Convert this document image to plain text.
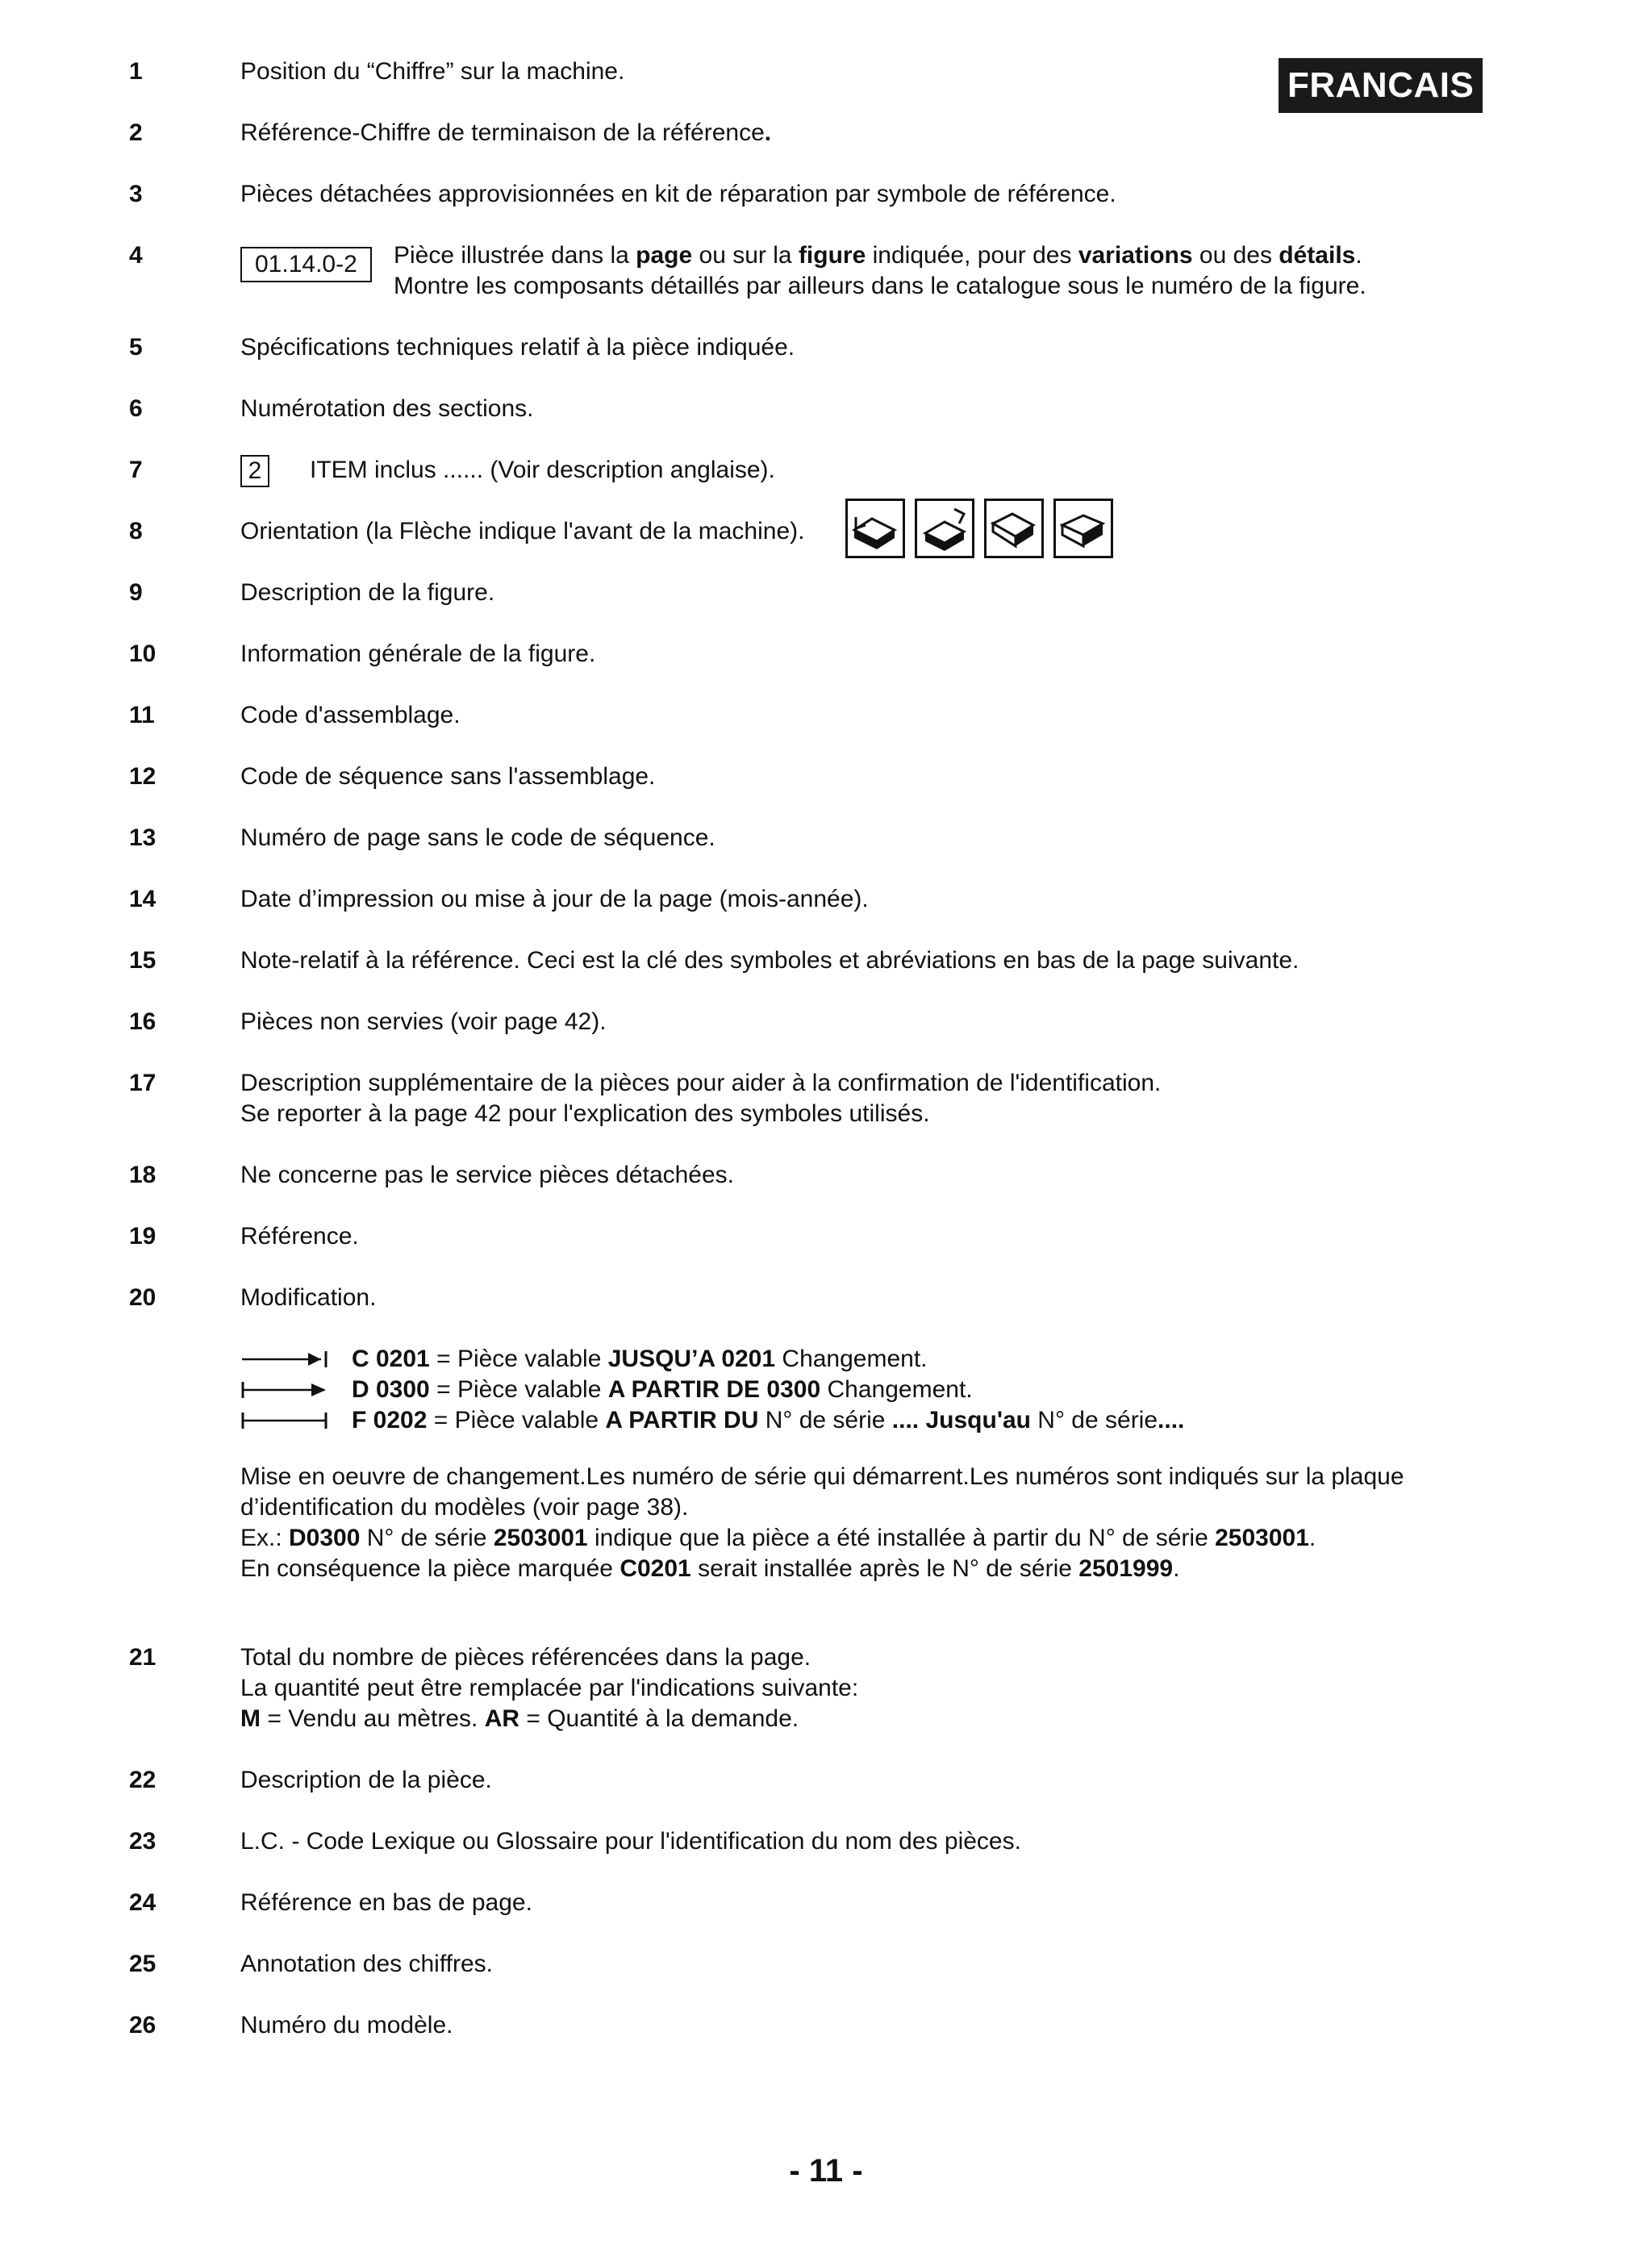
FRANCAIS
1	Position du “Chiffre” sur la machine.
2	Référence-Chiffre de terminaison de la référence.
3	Pièces détachées approvisionnées en kit de réparation par symbole de référence.
4	01.14.0-2	Pièce illustrée dans la page ou sur la figure indiquée, pour des variations ou des détails.
Montre les composants détaillés par ailleurs dans le catalogue sous le numéro de la figure.
5	Spécifications techniques relatif à la pièce indiquée.
6	Numérotation des sections.
7	2	ITEM inclus ...... (Voir description anglaise).
8	Orientation (la Flèche indique l'avant de la machine).
9	Description de la figure.
10	Information générale de la figure.
11	Code d'assemblage.
12	Code de séquence sans l'assemblage.
13	Numéro de page sans le code de séquence.
14	Date d’impression ou mise à jour de la page (mois-année).
15	Note-relatif à la référence. Ceci est la clé des symboles et abréviations en bas de la page suivante.
16	Pièces non servies (voir page 42).
17	Description supplémentaire de la pièces pour aider à la confirmation de l'identification.
Se reporter à la page 42 pour l'explication des symboles utilisés.
18	Ne concerne pas le service pièces détachées.
19	Référence.
20	Modification.
C 0201 = Pièce valable JUSQU’A 0201 Changement.
D 0300 = Pièce valable A PARTIR DE 0300 Changement.
F 0202 = Pièce valable A PARTIR DU N° de série .... Jusqu'au N° de série....
Mise en oeuvre de changement.Les numéro de série qui démarrent.Les numéros sont indiqués sur la plaque
d’identification du modèles (voir page 38).
Ex.: D0300 N° de série 2503001 indique que la pièce a été installée à partir du N° de série 2503001.
En conséquence la pièce marquée C0201 serait installée après le N° de série 2501999.
21	Total du nombre de pièces référencées dans la page.
La quantité peut être remplacée par l'indications suivante:
M = Vendu au mètres. AR = Quantité à la demande.
22	Description de la pièce.
23	L.C. - Code Lexique ou Glossaire pour l'identification du nom des pièces.
24	Référence en bas de page.
25	Annotation des chiffres.
26	Numéro du modèle.
- 11 -
